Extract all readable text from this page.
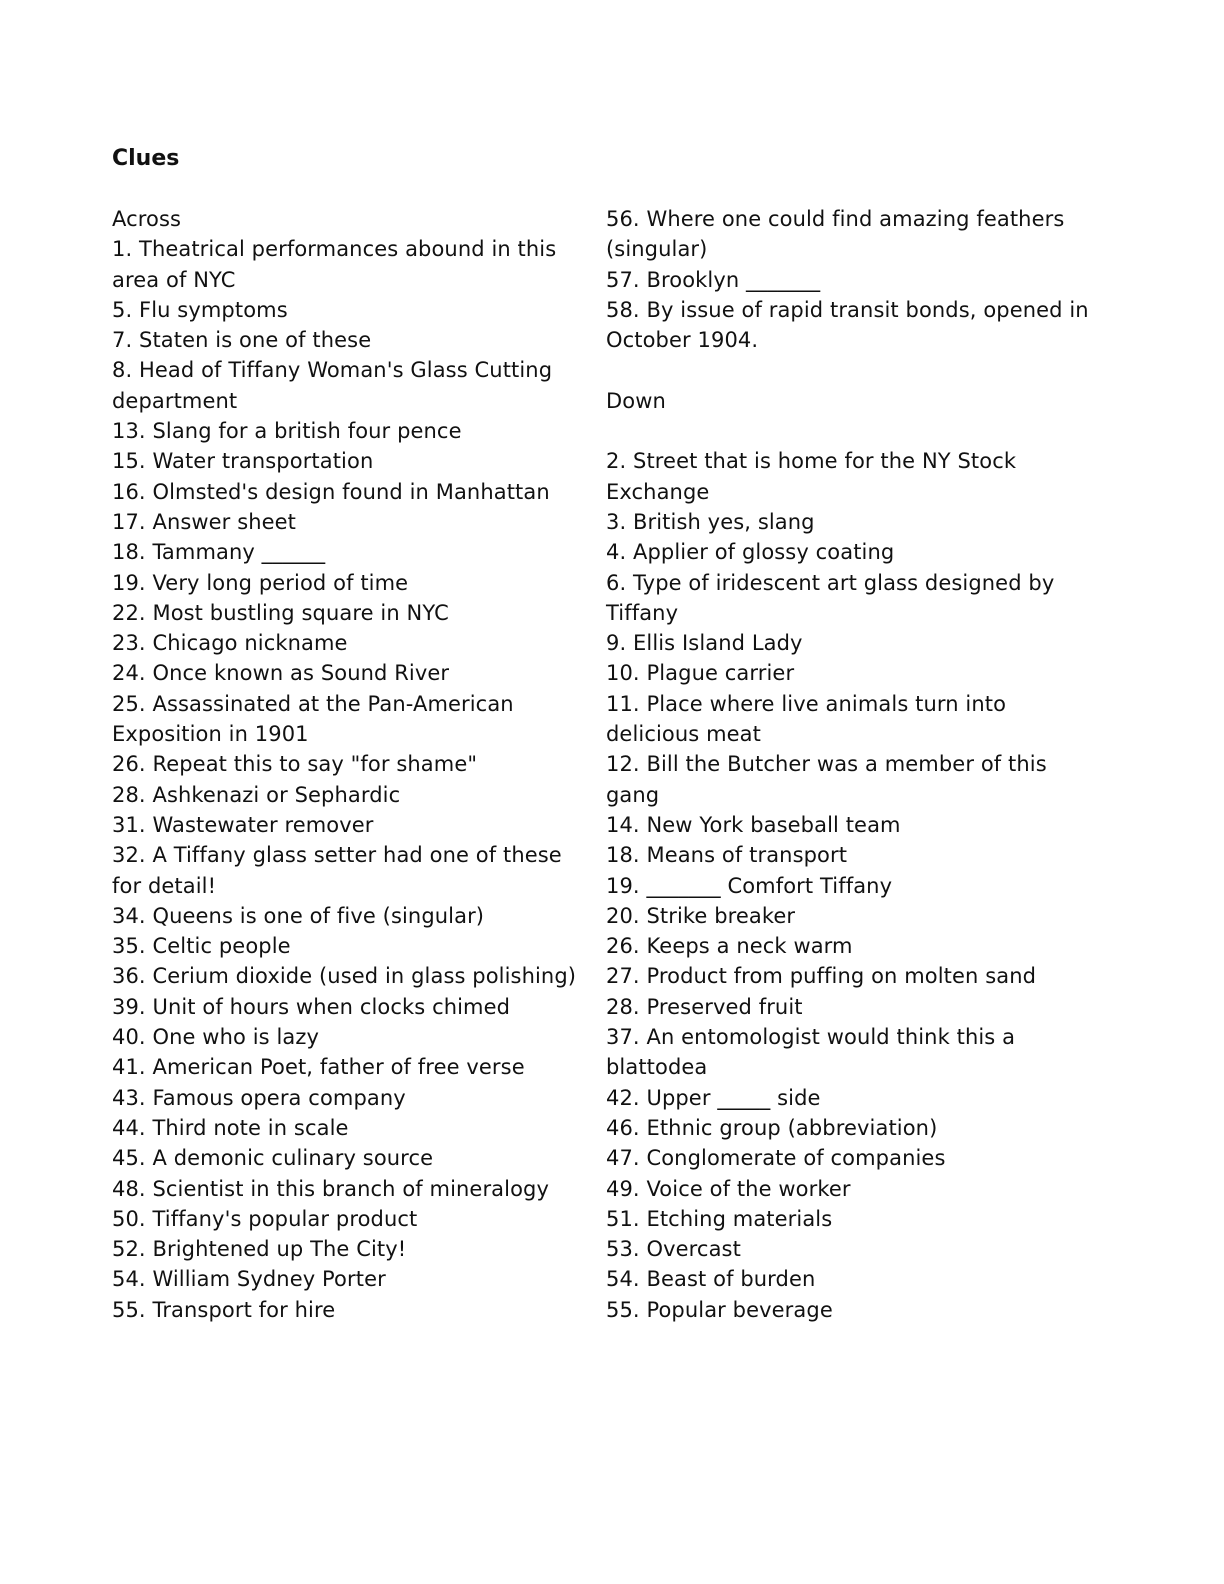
Clues
Across
1. Theatrical performances abound in this
area of NYC
5. Flu symptoms
7. Staten is one of these
8. Head of Tiffany Woman's Glass Cutting
department
13. Slang for a british four pence
15. Water transportation
16. Olmsted's design found in Manhattan
17. Answer sheet
18. Tammany ______
19. Very long period of time
22. Most bustling square in NYC
23. Chicago nickname
24. Once known as Sound River
25. Assassinated at the Pan-American
Exposition in 1901
26. Repeat this to say "for shame"
28. Ashkenazi or Sephardic
31. Wastewater remover
32. A Tiffany glass setter had one of these
for detail!
34. Queens is one of five (singular)
35. Celtic people
36. Cerium dioxide (used in glass polishing)
39. Unit of hours when clocks chimed
40. One who is lazy
41. American Poet, father of free verse
43. Famous opera company
44. Third note in scale
45. A demonic culinary source
48. Scientist in this branch of mineralogy
50. Tiffany's popular product
52. Brightened up The City!
54. William Sydney Porter
55. Transport for hire
56. Where one could find amazing feathers
(singular)
57. Brooklyn _______
58. By issue of rapid transit bonds, opened in
October 1904.
Down
2. Street that is home for the NY Stock
Exchange
3. British yes, slang
4. Applier of glossy coating
6. Type of iridescent art glass designed by
Tiffany
9. Ellis Island Lady
10. Plague carrier
11. Place where live animals turn into
delicious meat
12. Bill the Butcher was a member of this
gang
14. New York baseball team
18. Means of transport
19. _______ Comfort Tiffany
20. Strike breaker
26. Keeps a neck warm
27. Product from puffing on molten sand
28. Preserved fruit
37. An entomologist would think this a
blattodea
42. Upper _____ side
46. Ethnic group (abbreviation)
47. Conglomerate of companies
49. Voice of the worker
51. Etching materials
53. Overcast
54. Beast of burden
55. Popular beverage
